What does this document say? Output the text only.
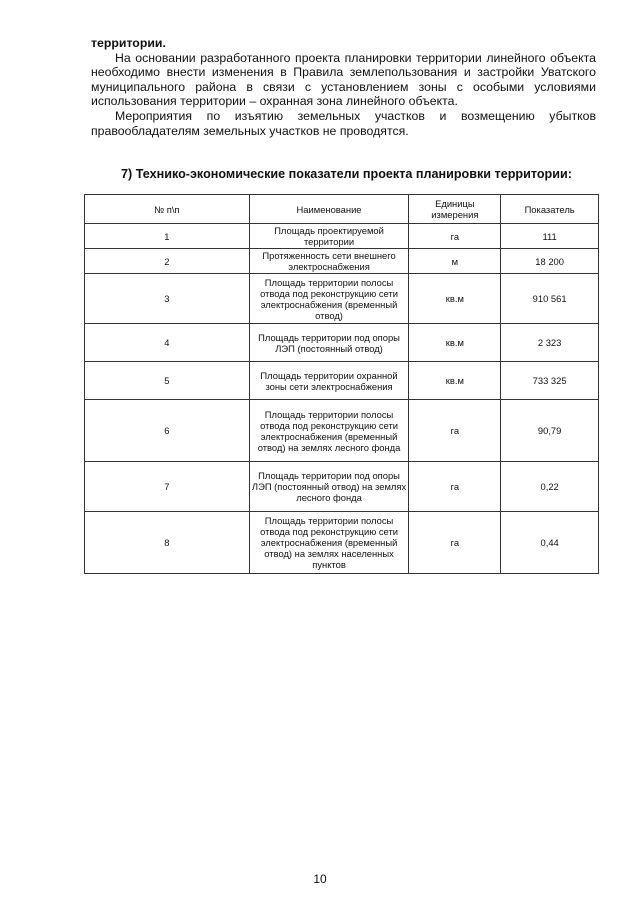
территории.

На основании разработанного проекта планировки территории линейного объекта необходимо внести изменения в Правила землепользования и застройки Уватского муниципального района в связи с установлением зоны с особыми условиями использования территории – охранная зона линейного объекта.

Мероприятия по изъятию земельных участков и возмещению убытков правообладателям земельных участков не проводятся.

7) Технико-экономические показатели проекта планировки территории:
№ п\п	Наименование	Единицы измерения	Показатель
1	Площадь проектируемой территории	га	111
2	Протяженность сети внешнего электроснабжения	м	18 200
3	Площадь территории полосы отвода под реконструкцию сети электроснабжения (временный отвод)	кв.м	910 561
4	Площадь территории под опоры ЛЭП (постоянный отвод)	кв.м	2 323
5	Площадь территории охранной зоны сети электроснабжения	кв.м	733 325
6	Площадь территории полосы отвода под реконструкцию сети электроснабжения (временный отвод) на землях лесного фонда	га	90,79
7	Площадь территории под опоры ЛЭП (постоянный отвод) на землях лесного фонда	га	0,22
8	Площадь территории полосы отвода под реконструкцию сети электроснабжения (временный отвод) на землях населенных пунктов	га	0,44
10
